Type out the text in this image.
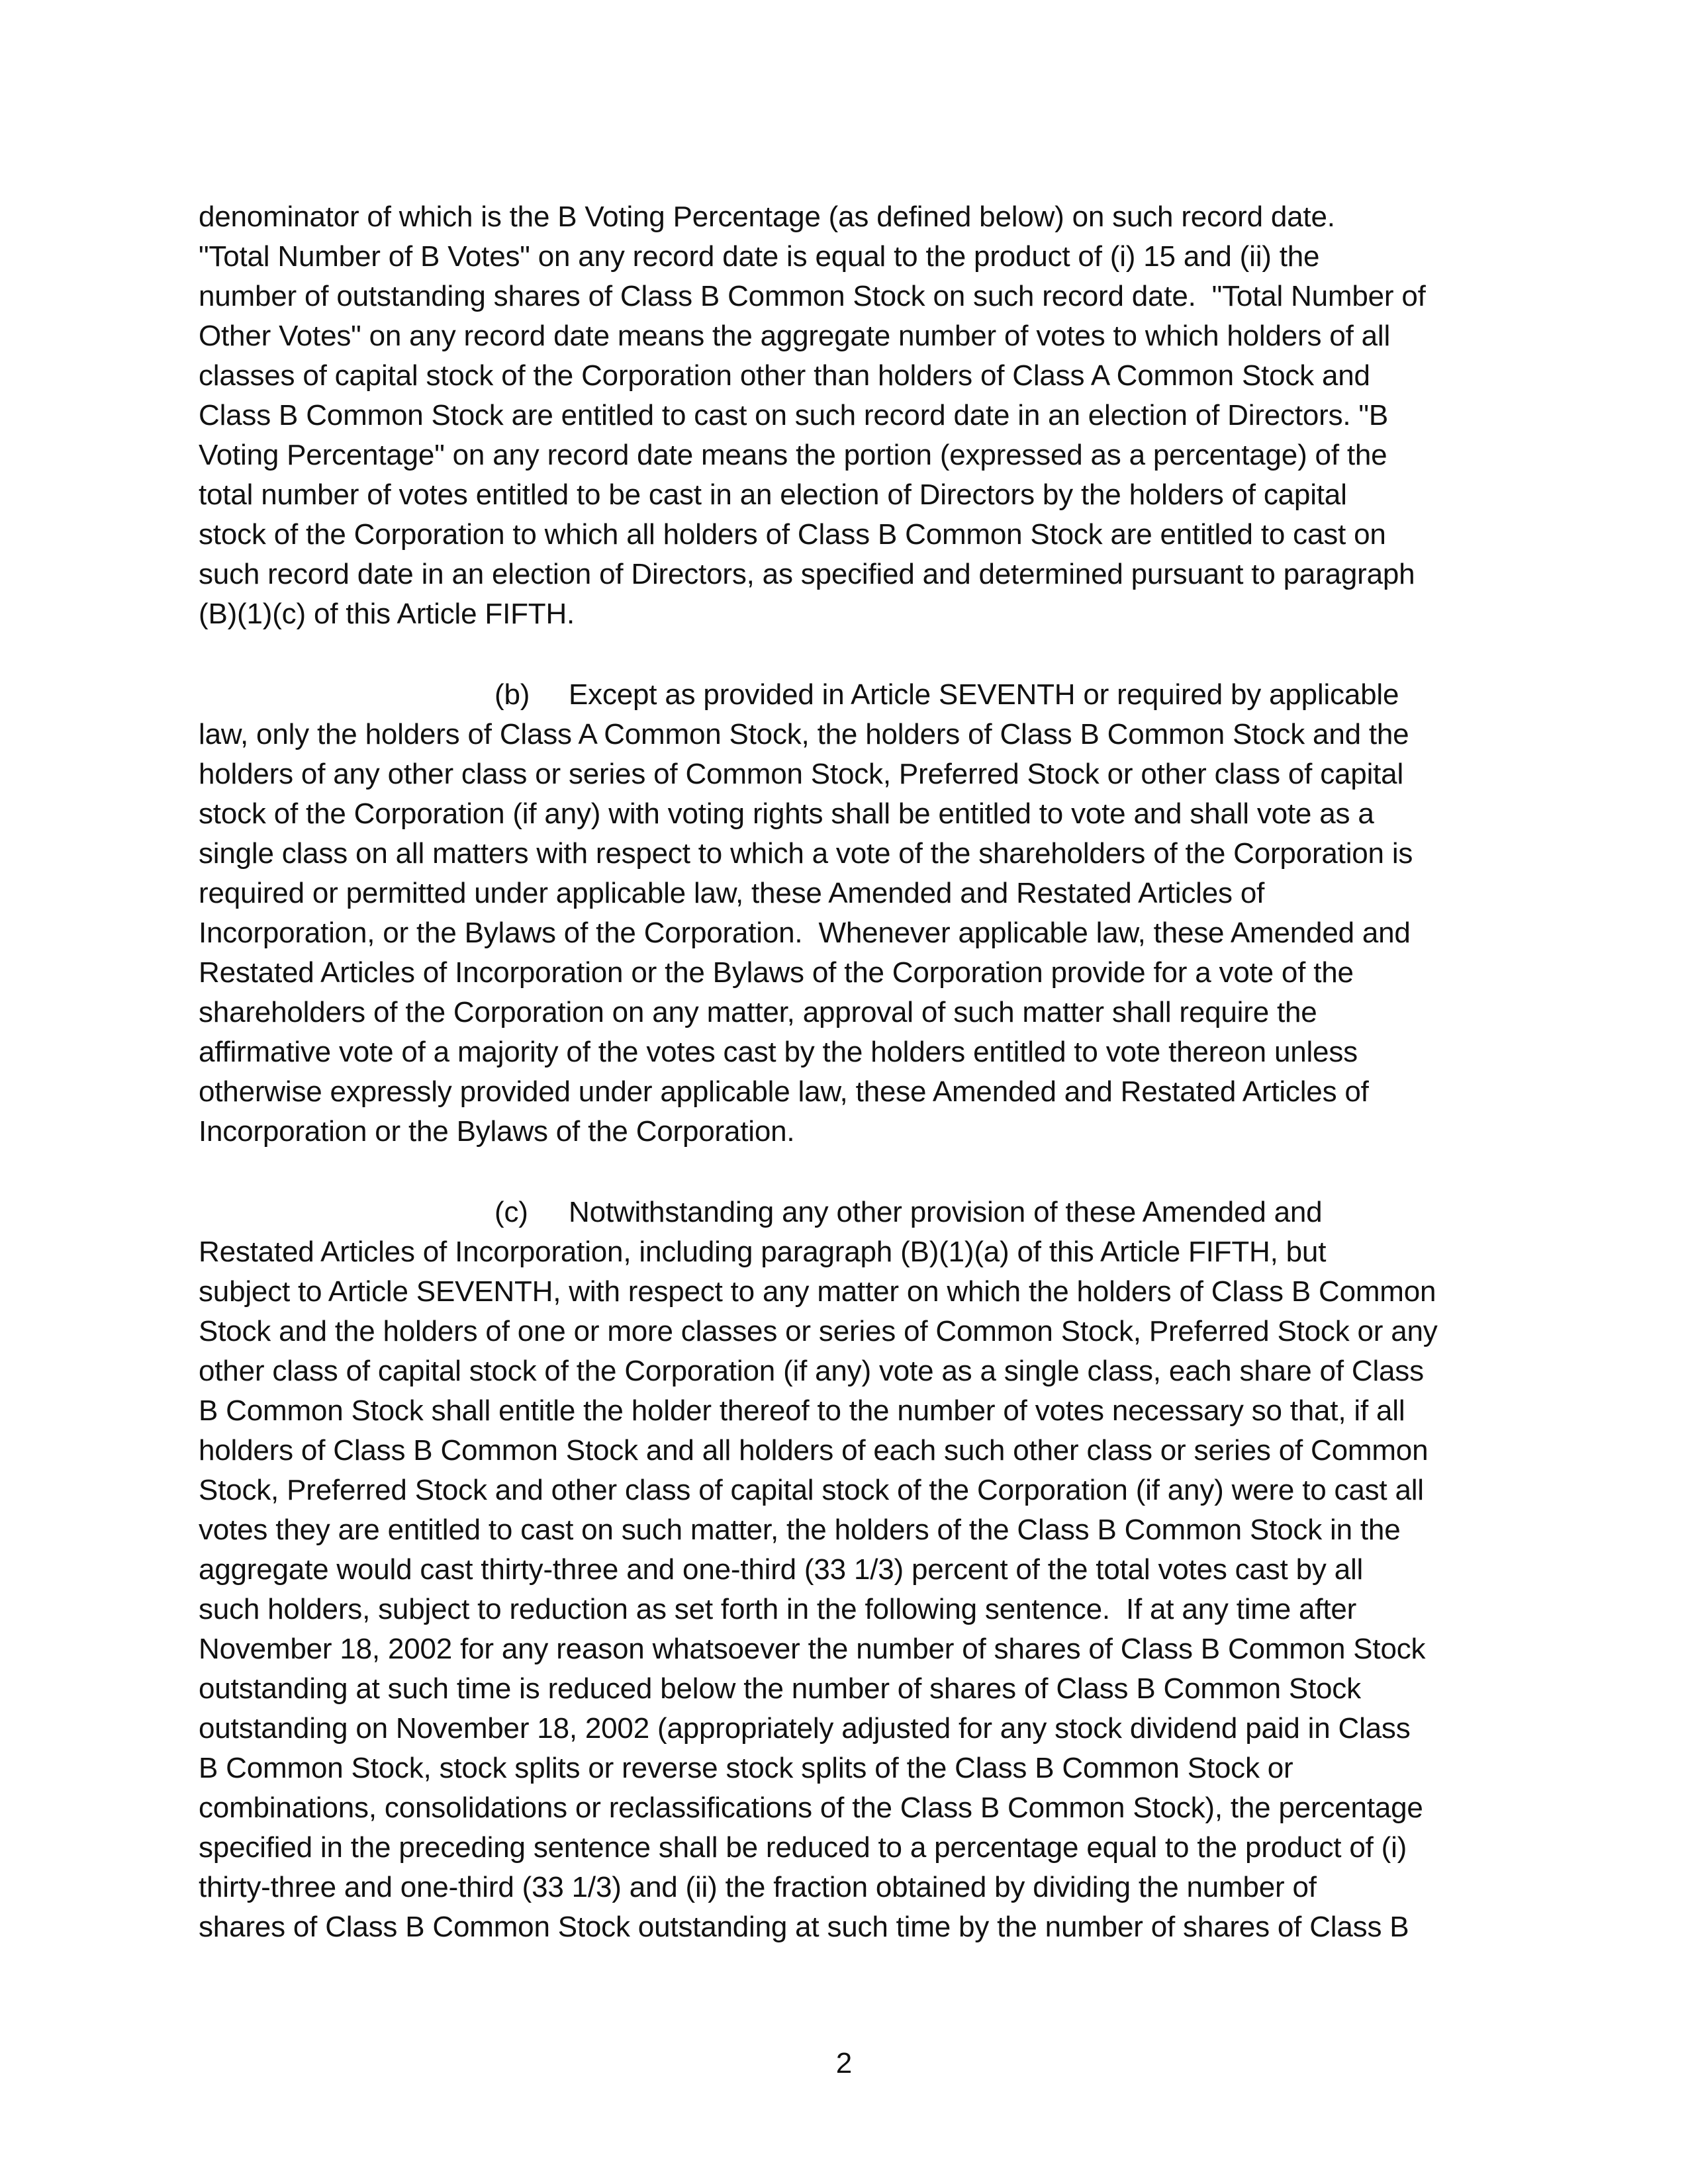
denominator of which is the B Voting Percentage (as defined below) on such record date.
"Total Number of B Votes" on any record date is equal to the product of (i) 15 and (ii) the
number of outstanding shares of Class B Common Stock on such record date.  "Total Number of
Other Votes" on any record date means the aggregate number of votes to which holders of all
classes of capital stock of the Corporation other than holders of Class A Common Stock and
Class B Common Stock are entitled to cast on such record date in an election of Directors. "B
Voting Percentage" on any record date means the portion (expressed as a percentage) of the
total number of votes entitled to be cast in an election of Directors by the holders of capital
stock of the Corporation to which all holders of Class B Common Stock are entitled to cast on
such record date in an election of Directors, as specified and determined pursuant to paragraph
(B)(1)(c) of this Article FIFTH.
(b) Except as provided in Article SEVENTH or required by applicable
law, only the holders of Class A Common Stock, the holders of Class B Common Stock and the
holders of any other class or series of Common Stock, Preferred Stock or other class of capital
stock of the Corporation (if any) with voting rights shall be entitled to vote and shall vote as a
single class on all matters with respect to which a vote of the shareholders of the Corporation is
required or permitted under applicable law, these Amended and Restated Articles of
Incorporation, or the Bylaws of the Corporation.  Whenever applicable law, these Amended and
Restated Articles of Incorporation or the Bylaws of the Corporation provide for a vote of the
shareholders of the Corporation on any matter, approval of such matter shall require the
affirmative vote of a majority of the votes cast by the holders entitled to vote thereon unless
otherwise expressly provided under applicable law, these Amended and Restated Articles of
Incorporation or the Bylaws of the Corporation.
(c) Notwithstanding any other provision of these Amended and
Restated Articles of Incorporation, including paragraph (B)(1)(a) of this Article FIFTH, but
subject to Article SEVENTH, with respect to any matter on which the holders of Class B Common
Stock and the holders of one or more classes or series of Common Stock, Preferred Stock or any
other class of capital stock of the Corporation (if any) vote as a single class, each share of Class
B Common Stock shall entitle the holder thereof to the number of votes necessary so that, if all
holders of Class B Common Stock and all holders of each such other class or series of Common
Stock, Preferred Stock and other class of capital stock of the Corporation (if any) were to cast all
votes they are entitled to cast on such matter, the holders of the Class B Common Stock in the
aggregate would cast thirty-three and one-third (33 1/3) percent of the total votes cast by all
such holders, subject to reduction as set forth in the following sentence.  If at any time after
November 18, 2002 for any reason whatsoever the number of shares of Class B Common Stock
outstanding at such time is reduced below the number of shares of Class B Common Stock
outstanding on November 18, 2002 (appropriately adjusted for any stock dividend paid in Class
B Common Stock, stock splits or reverse stock splits of the Class B Common Stock or
combinations, consolidations or reclassifications of the Class B Common Stock), the percentage
specified in the preceding sentence shall be reduced to a percentage equal to the product of (i)
thirty-three and one-third (33 1/3) and (ii) the fraction obtained by dividing the number of
shares of Class B Common Stock outstanding at such time by the number of shares of Class B
2
